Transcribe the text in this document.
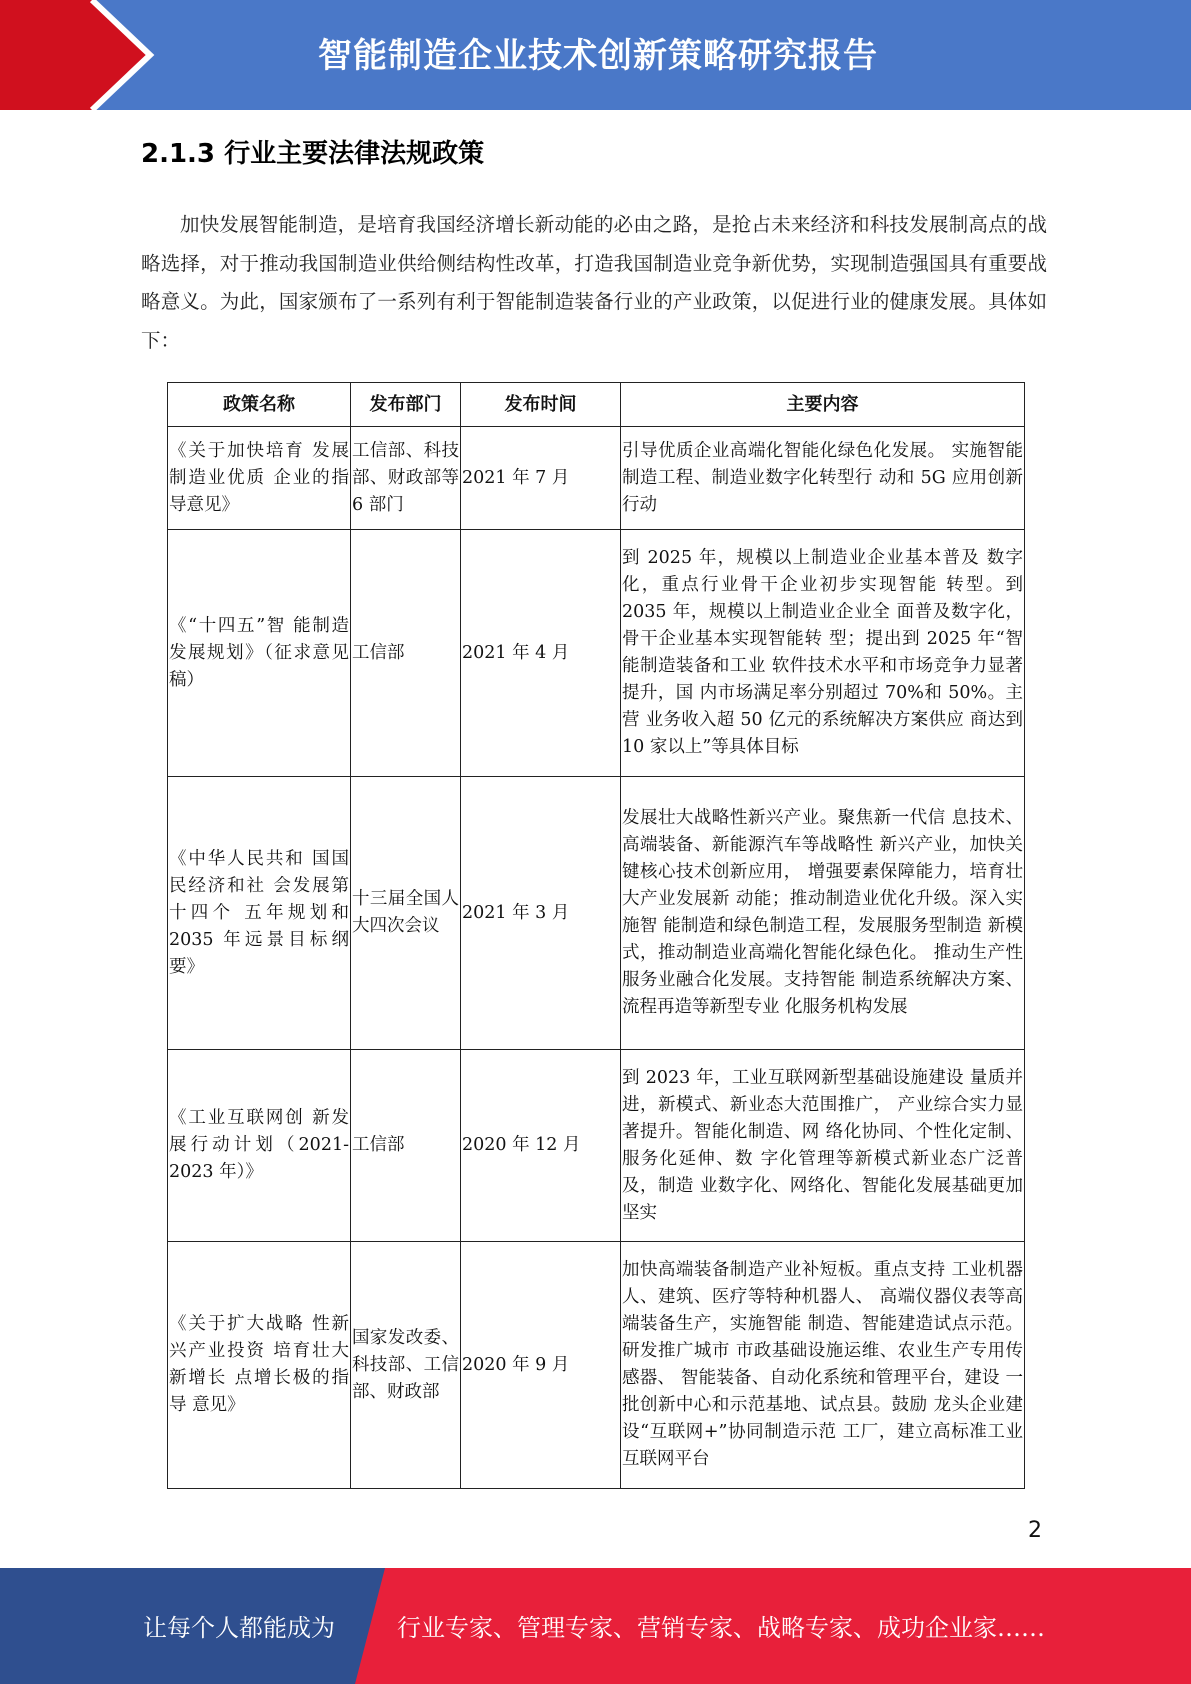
智能制造企业技术创新策略研究报告
2.1.3 行业主要法律法规政策

加快发展智能制造，是培育我国经济增长新动能的必由之路，是抢占未来经济和科技发展制高点的战略选择，对于推动我国制造业供给侧结构性改革，打造我国制造业竞争新优势，实现制造强国具有重要战略意义。为此，国家颁布了一系列有利于智能制造装备行业的产业政策，以促进行业的健康发展。具体如下：

政策名称	发布部门	发布时间	主要内容
《关于加快培育 发展制造业优质 企业的指导意见》	工信部、科技部、财政部等 6 部门	2021 年 7 月	引导优质企业高端化智能化绿色化发展。 实施智能制造工程、制造业数字化转型行 动和 5G 应用创新行动
《“十四五”智 能制造发展规划》（征求意见稿）	工信部	2021 年 4 月	到 2025 年，规模以上制造业企业基本普及 数字化，重点行业骨干企业初步实现智能 转型。到 2035 年，规模以上制造业企业全 面普及数字化，骨干企业基本实现智能转 型；提出到 2025 年“智能制造装备和工业 软件技术水平和市场竞争力显著提升，国 内市场满足率分别超过 70%和 50%。主营 业务收入超 50 亿元的系统解决方案供应 商达到 10 家以上”等具体目标
《中华人民共和 国国民经济和社 会发展第十四个 五年规划和 2035 年远景目标纲要》	十三届全国人大四次会议	2021 年 3 月	发展壮大战略性新兴产业。聚焦新一代信 息技术、高端装备、新能源汽车等战略性 新兴产业，加快关键核心技术创新应用， 增强要素保障能力，培育壮大产业发展新 动能；推动制造业优化升级。深入实施智 能制造和绿色制造工程，发展服务型制造 新模式，推动制造业高端化智能化绿色化。 推动生产性服务业融合化发展。支持智能 制造系统解决方案、流程再造等新型专业 化服务机构发展
《工业互联网创 新发展行动计划（2021-2023 年）》	工信部	2020 年 12 月	到 2023 年，工业互联网新型基础设施建设 量质并进，新模式、新业态大范围推广， 产业综合实力显著提升。智能化制造、网 络化协同、个性化定制、服务化延伸、数 字化管理等新模式新业态广泛普及，制造 业数字化、网络化、智能化发展基础更加 坚实
《关于扩大战略 性新兴产业投资 培育壮大新增长 点增长极的指导 意见》	国家发改委、科技部、工信部、财政部	2020 年 9 月	加快高端装备制造产业补短板。重点支持 工业机器人、建筑、医疗等特种机器人、 高端仪器仪表等高端装备生产，实施智能 制造、智能建造试点示范。研发推广城市 市政基础设施运维、农业生产专用传感器、 智能装备、自动化系统和管理平台，建设 一批创新中心和示范基地、试点县。鼓励 龙头企业建设“互联网+”协同制造示范 工厂，建立高标准工业互联网平台
2
让每个人都能成为	行业专家、管理专家、营销专家、战略专家、成功企业家……
